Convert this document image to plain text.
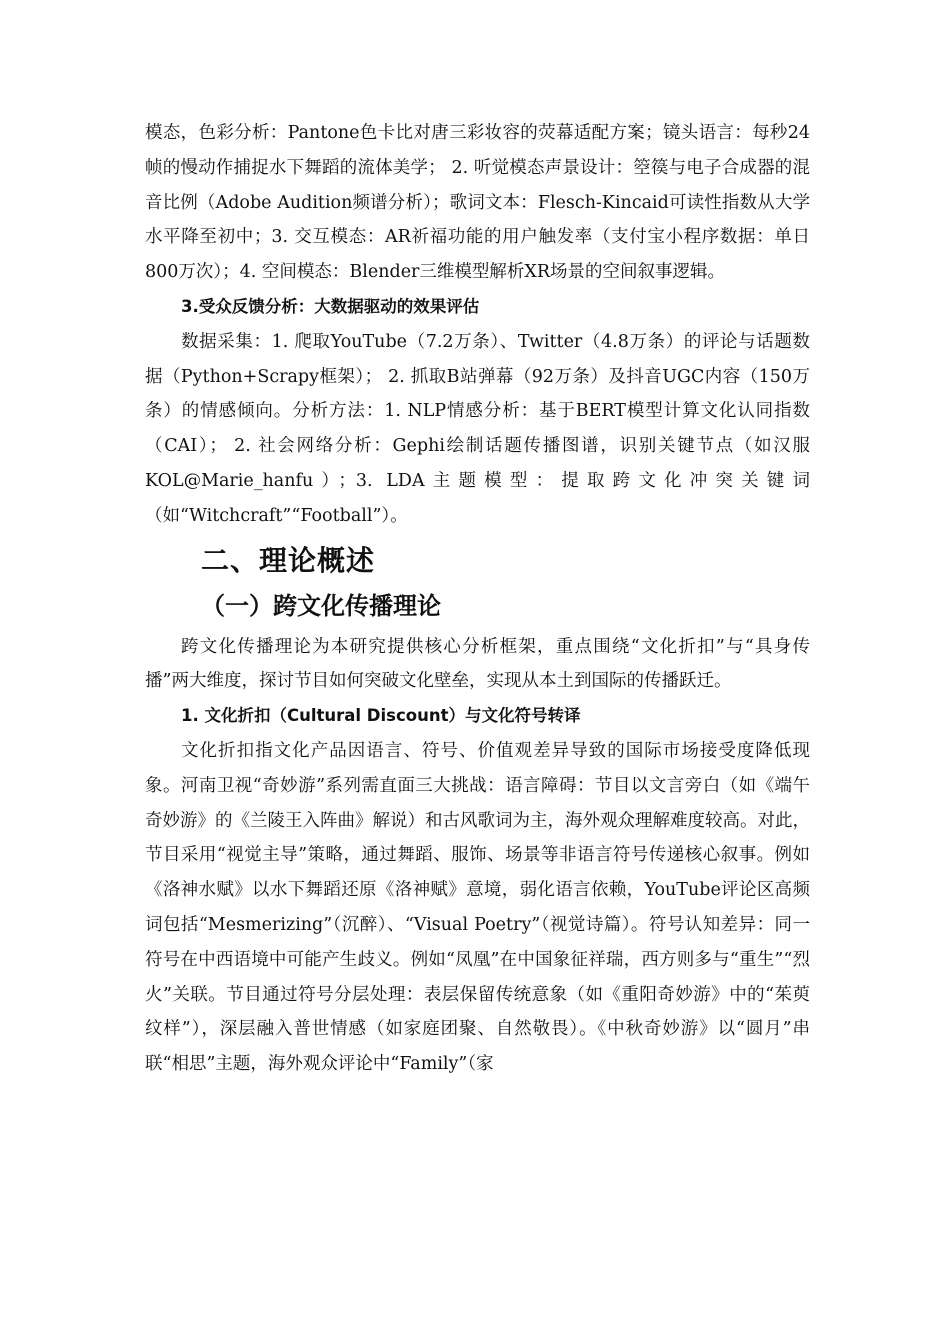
模态，色彩分析：Pantone色卡比对唐三彩妆容的荧幕适配方案；镜头语言：每秒24帧的慢动作捕捉水下舞蹈的流体美学； 2. 听觉模态声景设计：箜篌与电子合成器的混音比例（Adobe Audition频谱分析）；歌词文本：Flesch-Kincaid可读性指数从大学水平降至初中；3. 交互模态：AR祈福功能的用户触发率（支付宝小程序数据：单日800万次）；4. 空间模态：Blender三维模型解析XR场景的空间叙事逻辑。

3.受众反馈分析：大数据驱动的效果评估

数据采集：1. 爬取YouTube（7.2万条）、Twitter（4.8万条）的评论与话题数据（Python+Scrapy框架）； 2. 抓取B站弹幕（92万条）及抖音UGC内容（150万条）的情感倾向。分析方法：1. NLP情感分析：基于BERT模型计算文化认同指数（CAI）； 2. 社会网络分析：Gephi绘制话题传播图谱，识别关键节点（如汉服KOL@Marie_hanfu）；3. LDA主题模型：提取跨文化冲突关键词（如“Witchcraft”“Football”）。

二、理论概述
（一）跨文化传播理论

跨文化传播理论为本研究提供核心分析框架，重点围绕“文化折扣”与“具身传播”两大维度，探讨节目如何突破文化壁垒，实现从本土到国际的传播跃迁。

1. 文化折扣（Cultural Discount）与文化符号转译

文化折扣指文化产品因语言、符号、价值观差异导致的国际市场接受度降低现象。河南卫视“奇妙游”系列需直面三大挑战：语言障碍：节目以文言旁白（如《端午奇妙游》的《兰陵王入阵曲》解说）和古风歌词为主，海外观众理解难度较高。对此，节目采用“视觉主导”策略，通过舞蹈、服饰、场景等非语言符号传递核心叙事。例如《洛神水赋》以水下舞蹈还原《洛神赋》意境，弱化语言依赖，YouTube评论区高频词包括“Mesmerizing”（沉醉）、“Visual Poetry”（视觉诗篇）。符号认知差异：同一符号在中西语境中可能产生歧义。例如“凤凰”在中国象征祥瑞，西方则多与“重生”“烈火”关联。节目通过符号分层处理：表层保留传统意象（如《重阳奇妙游》中的“茱萸纹样”），深层融入普世情感（如家庭团聚、自然敬畏）。《中秋奇妙游》以“圆月”串联“相思”主题，海外观众评论中“Family”（家
